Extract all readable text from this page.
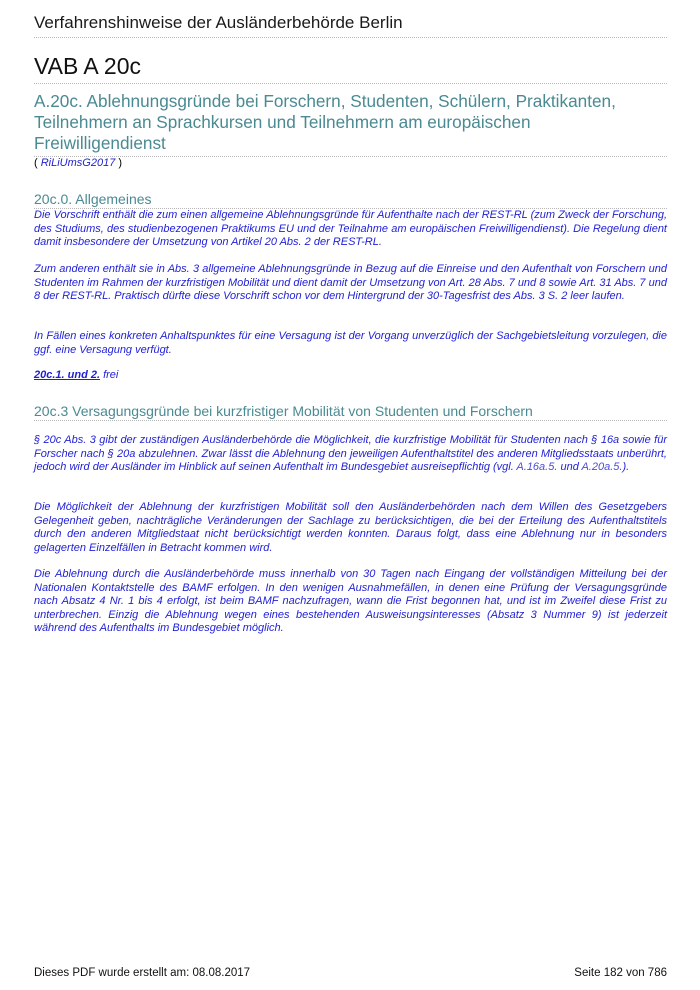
Verfahrenshinweise der Ausländerbehörde Berlin
VAB A 20c
A.20c. Ablehnungsgründe bei Forschern, Studenten, Schülern, Praktikanten, Teilnehmern an Sprachkursen und Teilnehmern am europäischen Freiwilligendienst
( RiLiUmsG2017 )
20c.0. Allgemeines

Die Vorschrift enthält die zum einen allgemeine Ablehnungsgründe für Aufenthalte nach der REST-RL (zum Zweck der Forschung, des Studiums, des studienbezogenen Praktikums EU und der Teilnahme am europäischen Freiwilligendienst). Die Regelung dient damit insbesondere der Umsetzung von Artikel 20 Abs. 2 der REST-RL.

Zum anderen enthält sie in Abs. 3 allgemeine Ablehnungsgründe in Bezug auf die Einreise und den Aufenthalt von Forschern und Studenten im Rahmen der kurzfristigen Mobilität und dient damit der Umsetzung von Art. 28 Abs. 7 und 8 sowie Art. 31 Abs. 7 und 8 der REST-RL. Praktisch dürfte diese Vorschrift schon vor dem Hintergrund der 30-Tagesfrist des Abs. 3 S. 2 leer laufen.

In Fällen eines konkreten Anhaltspunktes für eine Versagung ist der Vorgang unverzüglich der Sachgebietsleitung vorzulegen, die ggf. eine Versagung verfügt.

20c.1. und 2. frei

20c.3 Versagungsgründe bei kurzfristiger Mobilität von Studenten und Forschern

§ 20c Abs. 3 gibt der zuständigen Ausländerbehörde die Möglichkeit, die kurzfristige Mobilität für Studenten nach § 16a sowie für Forscher nach § 20a abzulehnen. Zwar lässt die Ablehnung den jeweiligen Aufenthaltstitel des anderen Mitgliedsstaats unberührt, jedoch wird der Ausländer im Hinblick auf seinen Aufenthalt im Bundesgebiet ausreisepflichtig (vgl. A.16a.5. und A.20a.5.).

Die Möglichkeit der Ablehnung der kurzfristigen Mobilität soll den Ausländerbehörden nach dem Willen des Gesetzgebers Gelegenheit geben, nachträgliche Veränderungen der Sachlage zu berücksichtigen, die bei der Erteilung des Aufenthaltstitels durch den anderen Mitgliedstaat nicht berücksichtigt werden konnten. Daraus folgt, dass eine Ablehnung nur in besonders gelagerten Einzelfällen in Betracht kommen wird.

Die Ablehnung durch die Ausländerbehörde muss innerhalb von 30 Tagen nach Eingang der vollständigen Mitteilung bei der Nationalen Kontaktstelle des BAMF erfolgen. In den wenigen Ausnahmefällen, in denen eine Prüfung der Versagungsgründe nach Absatz 4 Nr. 1 bis 4 erfolgt, ist beim BAMF nachzufragen, wann die Frist begonnen hat, und ist im Zweifel diese Frist zu unterbrechen. Einzig die Ablehnung wegen eines bestehenden Ausweisungsinteresses (Absatz 3 Nummer 9) ist jederzeit während des Aufenthalts im Bundesgebiet möglich.

Dieses PDF wurde erstellt am: 08.08.2017	Seite 182 von 786
